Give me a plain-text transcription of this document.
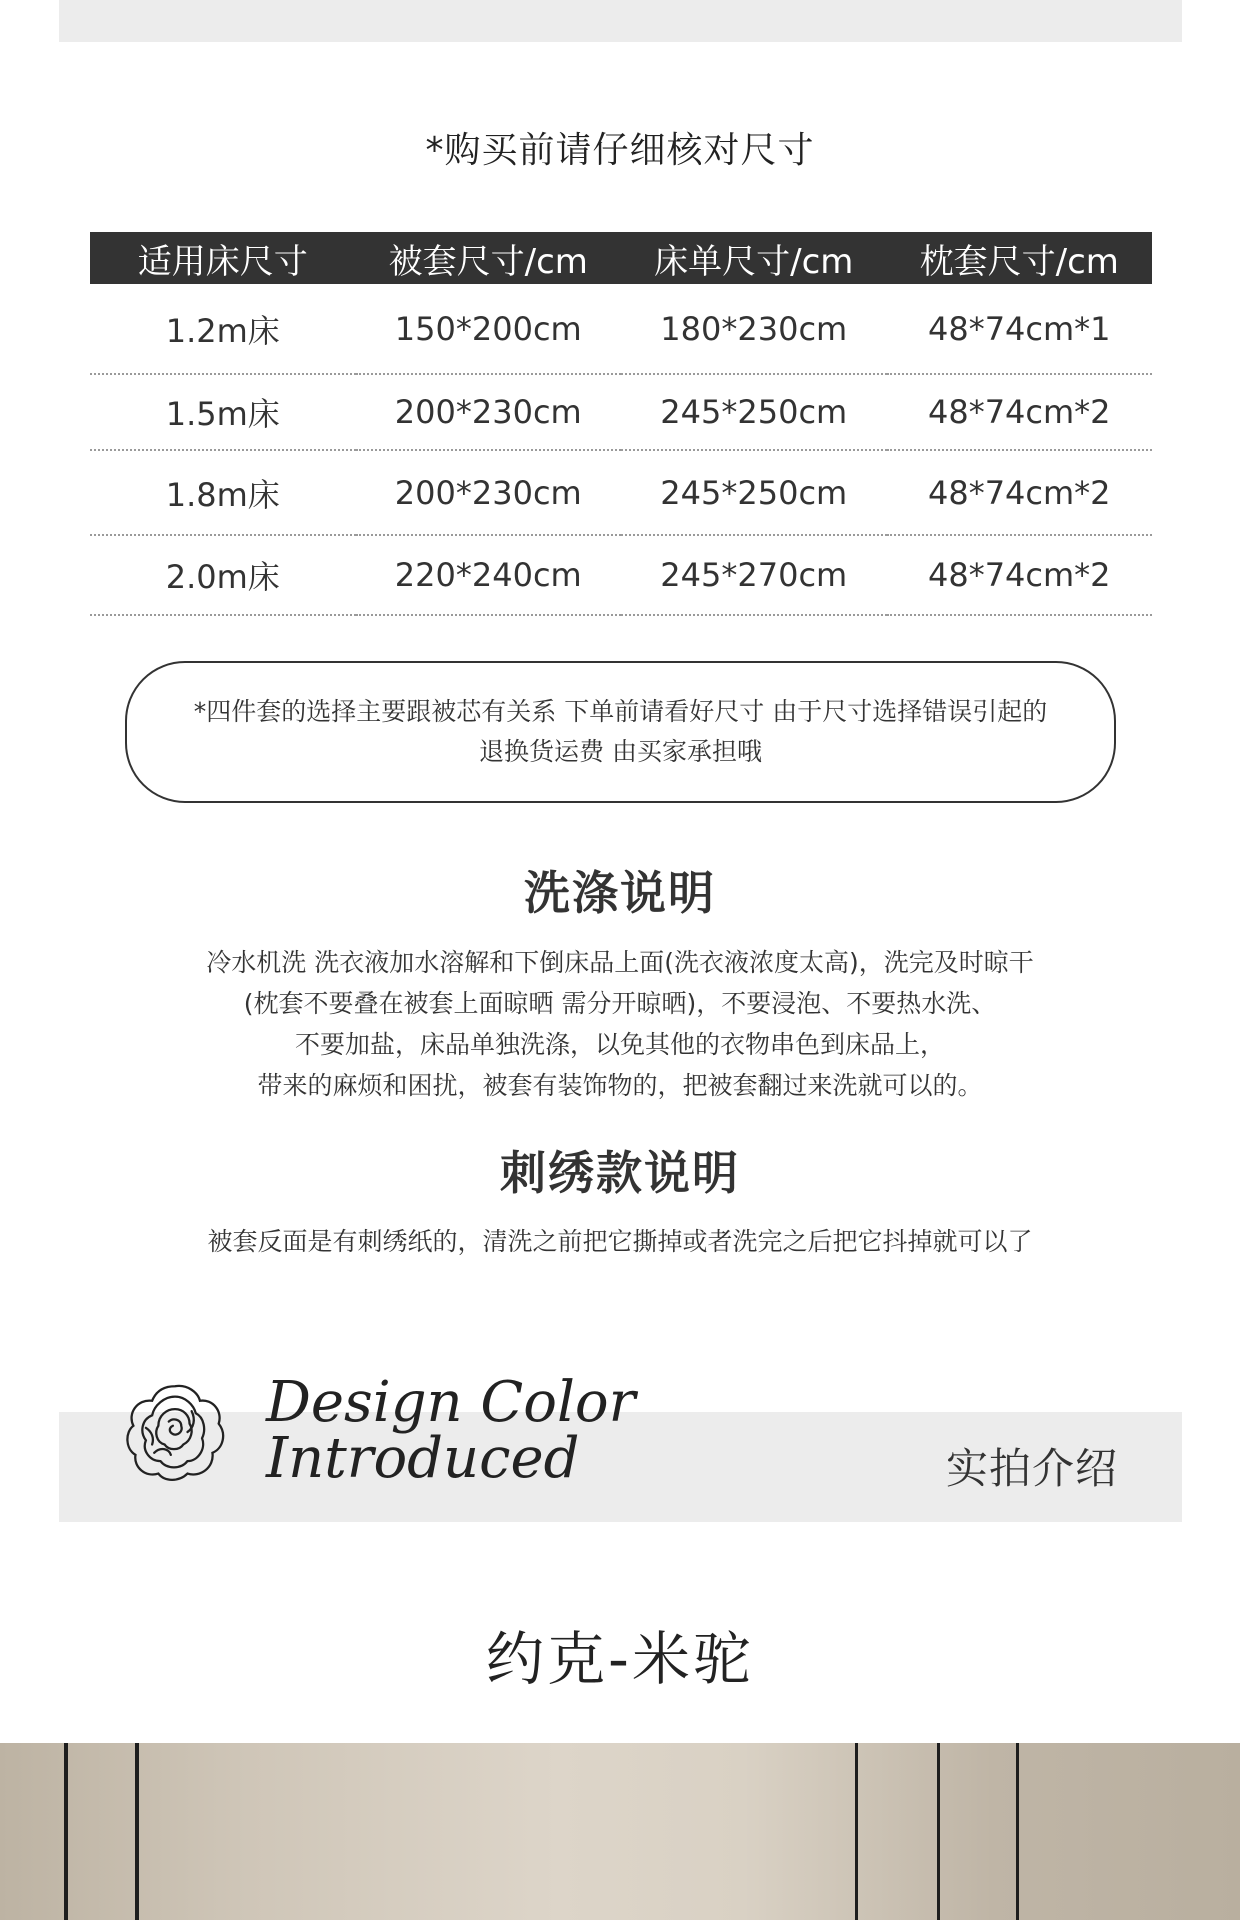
*购买前请仔细核对尺寸
适用床尺寸	被套尺寸/cm	床单尺寸/cm	枕套尺寸/cm
1.2m床	150*200cm	180*230cm	48*74cm*1
1.5m床	200*230cm	245*250cm	48*74cm*2
1.8m床	200*230cm	245*250cm	48*74cm*2
2.0m床	220*240cm	245*270cm	48*74cm*2
*四件套的选择主要跟被芯有关系 下单前请看好尺寸 由于尺寸选择错误引起的
退换货运费 由买家承担哦
洗涤说明
冷水机洗 洗衣液加水溶解和下倒床品上面(洗衣液浓度太高)，洗完及时晾干
(枕套不要叠在被套上面晾晒 需分开晾晒)，不要浸泡、不要热水洗、
不要加盐，床品单独洗涤，以免其他的衣物串色到床品上，
带来的麻烦和困扰，被套有装饰物的，把被套翻过来洗就可以的。
刺绣款说明
被套反面是有刺绣纸的，清洗之前把它撕掉或者洗完之后把它抖掉就可以了
Design Color
Introduced	实拍介绍
约克-米驼
